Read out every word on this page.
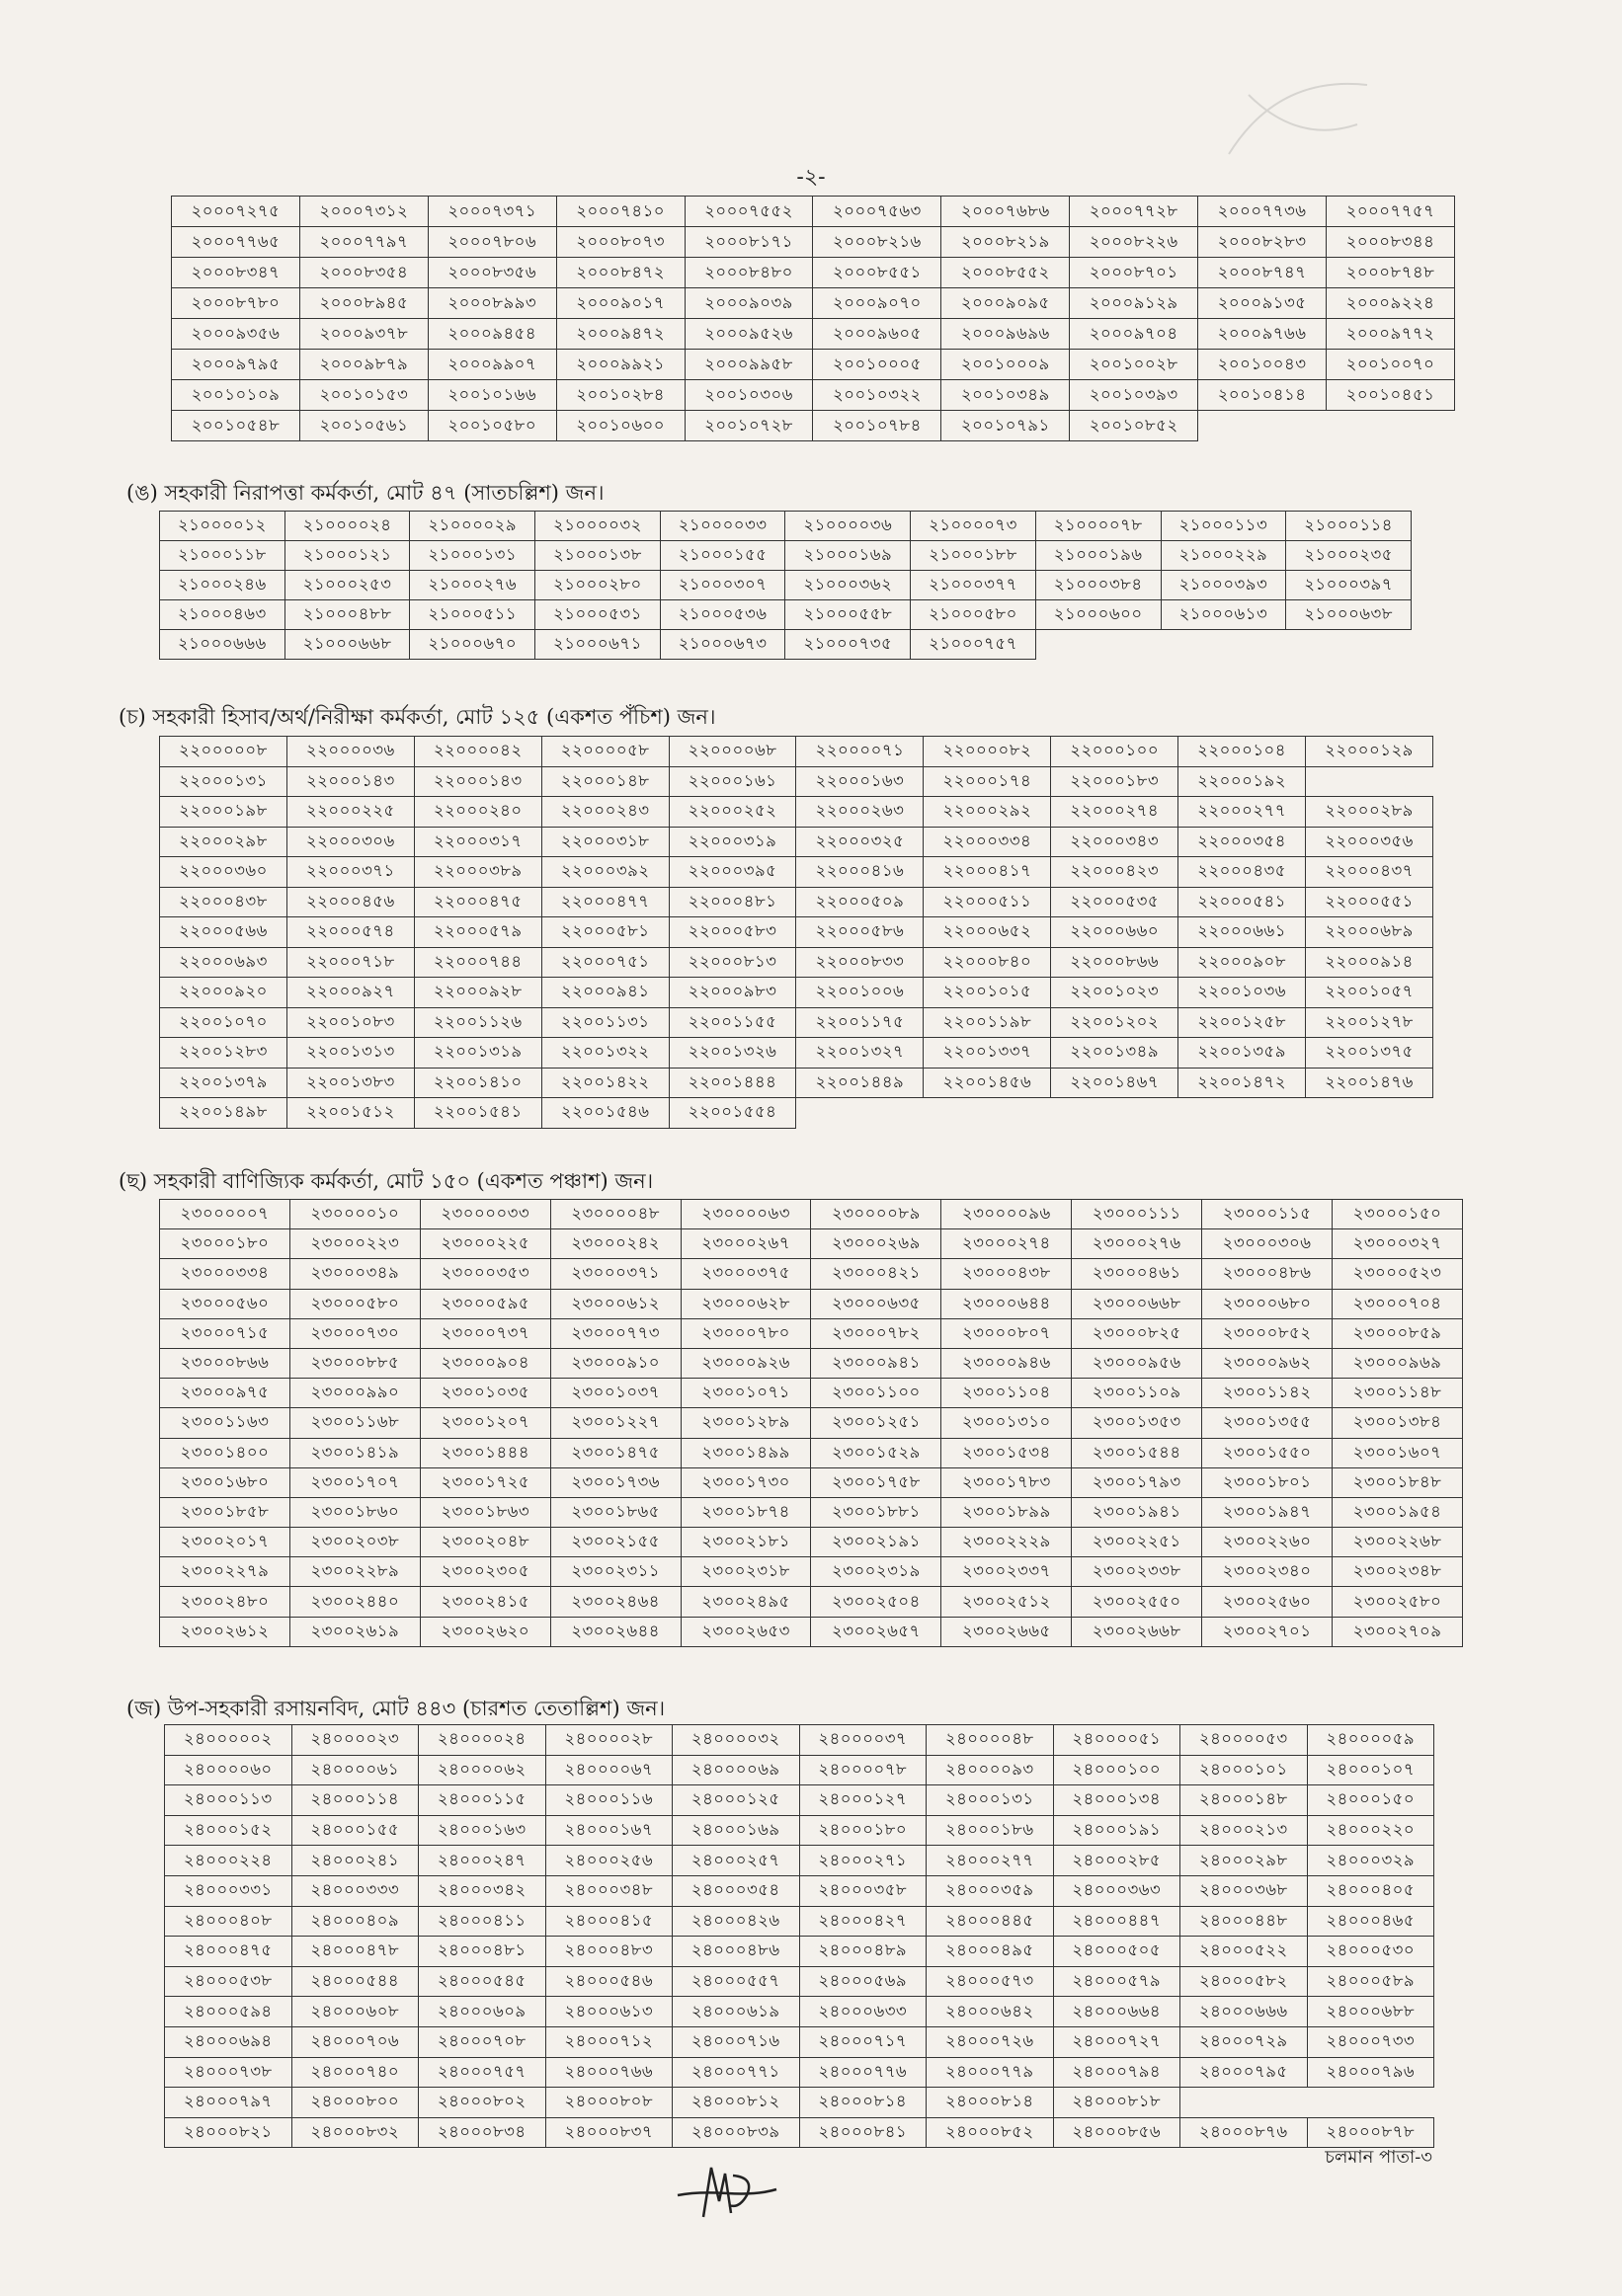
-২-
২০০০৭২৭৫	২০০০৭৩১২	২০০০৭৩৭১	২০০০৭৪১০	২০০০৭৫৫২	২০০০৭৫৬৩	২০০০৭৬৮৬	২০০০৭৭২৮	২০০০৭৭৩৬	২০০০৭৭৫৭
২০০০৭৭৬৫	২০০০৭৭৯৭	২০০০৭৮০৬	২০০০৮০৭৩	২০০০৮১৭১	২০০০৮২১৬	২০০০৮২১৯	২০০০৮২২৬	২০০০৮২৮৩	২০০০৮৩৪৪
২০০০৮৩৪৭	২০০০৮৩৫৪	২০০০৮৩৫৬	২০০০৮৪৭২	২০০০৮৪৮০	২০০০৮৫৫১	২০০০৮৫৫২	২০০০৮৭০১	২০০০৮৭৪৭	২০০০৮৭৪৮
২০০০৮৭৮০	২০০০৮৯৪৫	২০০০৮৯৯৩	২০০০৯০১৭	২০০০৯০৩৯	২০০০৯০৭০	২০০০৯০৯৫	২০০০৯১২৯	২০০০৯১৩৫	২০০০৯২২৪
২০০০৯৩৫৬	২০০০৯৩৭৮	২০০০৯৪৫৪	২০০০৯৪৭২	২০০০৯৫২৬	২০০০৯৬০৫	২০০০৯৬৯৬	২০০০৯৭০৪	২০০০৯৭৬৬	২০০০৯৭৭২
২০০০৯৭৯৫	২০০০৯৮৭৯	২০০০৯৯০৭	২০০০৯৯২১	২০০০৯৯৫৮	২০০১০০০৫	২০০১০০০৯	২০০১০০২৮	২০০১০০৪৩	২০০১০০৭০
২০০১০১০৯	২০০১০১৫৩	২০০১০১৬৬	২০০১০২৮৪	২০০১০৩০৬	২০০১০৩২২	২০০১০৩৪৯	২০০১০৩৯৩	২০০১০৪১৪	২০০১০৪৫১
২০০১০৫৪৮	২০০১০৫৬১	২০০১০৫৮০	২০০১০৬০০	২০০১০৭২৮	২০০১০৭৮৪	২০০১০৭৯১	২০০১০৮৫২		
(ঙ) সহকারী নিরাপত্তা কর্মকর্তা, মোট ৪৭ (সাতচল্লিশ) জন।
২১০০০০১২	২১০০০০২৪	২১০০০০২৯	২১০০০০৩২	২১০০০০৩৩	২১০০০০৩৬	২১০০০০৭৩	২১০০০০৭৮	২১০০০১১৩	২১০০০১১৪
২১০০০১১৮	২১০০০১২১	২১০০০১৩১	২১০০০১৩৮	২১০০০১৫৫	২১০০০১৬৯	২১০০০১৮৮	২১০০০১৯৬	২১০০০২২৯	২১০০০২৩৫
২১০০০২৪৬	২১০০০২৫৩	২১০০০২৭৬	২১০০০২৮০	২১০০০৩০৭	২১০০০৩৬২	২১০০০৩৭৭	২১০০০৩৮৪	২১০০০৩৯৩	২১০০০৩৯৭
২১০০০৪৬৩	২১০০০৪৮৮	২১০০০৫১১	২১০০০৫৩১	২১০০০৫৩৬	২১০০০৫৫৮	২১০০০৫৮০	২১০০০৬০০	২১০০০৬১৩	২১০০০৬৩৮
২১০০০৬৬৬	২১০০০৬৬৮	২১০০০৬৭০	২১০০০৬৭১	২১০০০৬৭৩	২১০০০৭৩৫	২১০০০৭৫৭			
(চ) সহকারী হিসাব/অর্থ/নিরীক্ষা কর্মকর্তা, মোট ১২৫ (একশত পঁচিশ) জন।
২২০০০০০৮	২২০০০০৩৬	২২০০০০৪২	২২০০০০৫৮	২২০০০০৬৮	২২০০০০৭১	২২০০০০৮২	২২০০০১০০	২২০০০১০৪	২২০০০১২৯
২২০০০১৩১	২২০০০১৪৩	২২০০০১৪৩	২২০০০১৪৮	২২০০০১৬১	২২০০০১৬৩	২২০০০১৭৪	২২০০০১৮৩	২২০০০১৯২	
২২০০০১৯৮	২২০০০২২৫	২২০০০২৪০	২২০০০২৪৩	২২০০০২৫২	২২০০০২৬৩	২২০০০২৯২	২২০০০২৭৪	২২০০০২৭৭	২২০০০২৮৯
২২০০০২৯৮	২২০০০৩০৬	২২০০০৩১৭	২২০০০৩১৮	২২০০০৩১৯	২২০০০৩২৫	২২০০০৩৩৪	২২০০০৩৪৩	২২০০০৩৫৪	২২০০০৩৫৬
২২০০০৩৬০	২২০০০৩৭১	২২০০০৩৮৯	২২০০০৩৯২	২২০০০৩৯৫	২২০০০৪১৬	২২০০০৪১৭	২২০০০৪২৩	২২০০০৪৩৫	২২০০০৪৩৭
২২০০০৪৩৮	২২০০০৪৫৬	২২০০০৪৭৫	২২০০০৪৭৭	২২০০০৪৮১	২২০০০৫০৯	২২০০০৫১১	২২০০০৫৩৫	২২০০০৫৪১	২২০০০৫৫১
২২০০০৫৬৬	২২০০০৫৭৪	২২০০০৫৭৯	২২০০০৫৮১	২২০০০৫৮৩	২২০০০৫৮৬	২২০০০৬৫২	২২০০০৬৬০	২২০০০৬৬১	২২০০০৬৮৯
২২০০০৬৯৩	২২০০০৭১৮	২২০০০৭৪৪	২২০০০৭৫১	২২০০০৮১৩	২২০০০৮৩৩	২২০০০৮৪০	২২০০০৮৬৬	২২০০০৯০৮	২২০০০৯১৪
২২০০০৯২০	২২০০০৯২৭	২২০০০৯২৮	২২০০০৯৪১	২২০০০৯৮৩	২২০০১০০৬	২২০০১০১৫	২২০০১০২৩	২২০০১০৩৬	২২০০১০৫৭
২২০০১০৭০	২২০০১০৮৩	২২০০১১২৬	২২০০১১৩১	২২০০১১৫৫	২২০০১১৭৫	২২০০১১৯৮	২২০০১২০২	২২০০১২৫৮	২২০০১২৭৮
২২০০১২৮৩	২২০০১৩১৩	২২০০১৩১৯	২২০০১৩২২	২২০০১৩২৬	২২০০১৩২৭	২২০০১৩৩৭	২২০০১৩৪৯	২২০০১৩৫৯	২২০০১৩৭৫
২২০০১৩৭৯	২২০০১৩৮৩	২২০০১৪১০	২২০০১৪২২	২২০০১৪৪৪	২২০০১৪৪৯	২২০০১৪৫৬	২২০০১৪৬৭	২২০০১৪৭২	২২০০১৪৭৬
২২০০১৪৯৮	২২০০১৫১২	২২০০১৫৪১	২২০০১৫৪৬	২২০০১৫৫৪					
(ছ) সহকারী বাণিজ্যিক কর্মকর্তা, মোট ১৫০ (একশত পঞ্চাশ) জন।
২৩০০০০০৭	২৩০০০০১০	২৩০০০০৩৩	২৩০০০০৪৮	২৩০০০০৬৩	২৩০০০০৮৯	২৩০০০০৯৬	২৩০০০১১১	২৩০০০১১৫	২৩০০০১৫০
২৩০০০১৮০	২৩০০০২২৩	২৩০০০২২৫	২৩০০০২৪২	২৩০০০২৬৭	২৩০০০২৬৯	২৩০০০২৭৪	২৩০০০২৭৬	২৩০০০৩০৬	২৩০০০৩২৭
২৩০০০৩৩৪	২৩০০০৩৪৯	২৩০০০৩৫৩	২৩০০০৩৭১	২৩০০০৩৭৫	২৩০০০৪২১	২৩০০০৪৩৮	২৩০০০৪৬১	২৩০০০৪৮৬	২৩০০০৫২৩
২৩০০০৫৬০	২৩০০০৫৮০	২৩০০০৫৯৫	২৩০০০৬১২	২৩০০০৬২৮	২৩০০০৬৩৫	২৩০০০৬৪৪	২৩০০০৬৬৮	২৩০০০৬৮০	২৩০০০৭০৪
২৩০০০৭১৫	২৩০০০৭৩০	২৩০০০৭৩৭	২৩০০০৭৭৩	২৩০০০৭৮০	২৩০০০৭৮২	২৩০০০৮০৭	২৩০০০৮২৫	২৩০০০৮৫২	২৩০০০৮৫৯
২৩০০০৮৬৬	২৩০০০৮৮৫	২৩০০০৯০৪	২৩০০০৯১০	২৩০০০৯২৬	২৩০০০৯৪১	২৩০০০৯৪৬	২৩০০০৯৫৬	২৩০০০৯৬২	২৩০০০৯৬৯
২৩০০০৯৭৫	২৩০০০৯৯০	২৩০০১০৩৫	২৩০০১০৩৭	২৩০০১০৭১	২৩০০১১০০	২৩০০১১০৪	২৩০০১১০৯	২৩০০১১৪২	২৩০০১১৪৮
২৩০০১১৬৩	২৩০০১১৬৮	২৩০০১২০৭	২৩০০১২২৭	২৩০০১২৮৯	২৩০০১২৫১	২৩০০১৩১০	২৩০০১৩৫৩	২৩০০১৩৫৫	২৩০০১৩৮৪
২৩০০১৪০০	২৩০০১৪১৯	২৩০০১৪৪৪	২৩০০১৪৭৫	২৩০০১৪৯৯	২৩০০১৫২৯	২৩০০১৫৩৪	২৩০০১৫৪৪	২৩০০১৫৫০	২৩০০১৬০৭
২৩০০১৬৮০	২৩০০১৭০৭	২৩০০১৭২৫	২৩০০১৭৩৬	২৩০০১৭৩০	২৩০০১৭৫৮	২৩০০১৭৮৩	২৩০০১৭৯৩	২৩০০১৮০১	২৩০০১৮৪৮
২৩০০১৮৫৮	২৩০০১৮৬০	২৩০০১৮৬৩	২৩০০১৮৬৫	২৩০০১৮৭৪	২৩০০১৮৮১	২৩০০১৮৯৯	২৩০০১৯৪১	২৩০০১৯৪৭	২৩০০১৯৫৪
২৩০০২০১৭	২৩০০২০৩৮	২৩০০২০৪৮	২৩০০২১৫৫	২৩০০২১৮১	২৩০০২১৯১	২৩০০২২২৯	২৩০০২২৫১	২৩০০২২৬০	২৩০০২২৬৮
২৩০০২২৭৯	২৩০০২২৮৯	২৩০০২৩০৫	২৩০০২৩১১	২৩০০২৩১৮	২৩০০২৩১৯	২৩০০২৩৩৭	২৩০০২৩৩৮	২৩০০২৩৪০	২৩০০২৩৪৮
২৩০০২৪৮০	২৩০০২৪৪০	২৩০০২৪১৫	২৩০০২৪৬৪	২৩০০২৪৯৫	২৩০০২৫০৪	২৩০০২৫১২	২৩০০২৫৫০	২৩০০২৫৬০	২৩০০২৫৮০
২৩০০২৬১২	২৩০০২৬১৯	২৩০০২৬২০	২৩০০২৬৪৪	২৩০০২৬৫৩	২৩০০২৬৫৭	২৩০০২৬৬৫	২৩০০২৬৬৮	২৩০০২৭০১	২৩০০২৭০৯
(জ) উপ-সহকারী রসায়নবিদ, মোট ৪৪৩ (চারশত তেতাল্লিশ) জন।
২৪০০০০০২	২৪০০০০২৩	২৪০০০০২৪	২৪০০০০২৮	২৪০০০০৩২	২৪০০০০৩৭	২৪০০০০৪৮	২৪০০০০৫১	২৪০০০০৫৩	২৪০০০০৫৯
২৪০০০০৬০	২৪০০০০৬১	২৪০০০০৬২	২৪০০০০৬৭	২৪০০০০৬৯	২৪০০০০৭৮	২৪০০০০৯৩	২৪০০০১০০	২৪০০০১০১	২৪০০০১০৭
২৪০০০১১৩	২৪০০০১১৪	২৪০০০১১৫	২৪০০০১১৬	২৪০০০১২৫	২৪০০০১২৭	২৪০০০১৩১	২৪০০০১৩৪	২৪০০০১৪৮	২৪০০০১৫০
২৪০০০১৫২	২৪০০০১৫৫	২৪০০০১৬৩	২৪০০০১৬৭	২৪০০০১৬৯	২৪০০০১৮০	২৪০০০১৮৬	২৪০০০১৯১	২৪০০০২১৩	২৪০০০২২০
২৪০০০২২৪	২৪০০০২৪১	২৪০০০২৪৭	২৪০০০২৫৬	২৪০০০২৫৭	২৪০০০২৭১	২৪০০০২৭৭	২৪০০০২৮৫	২৪০০০২৯৮	২৪০০০৩২৯
২৪০০০৩৩১	২৪০০০৩৩৩	২৪০০০৩৪২	২৪০০০৩৪৮	২৪০০০৩৫৪	২৪০০০৩৫৮	২৪০০০৩৫৯	২৪০০০৩৬৩	২৪০০০৩৬৮	২৪০০০৪০৫
২৪০০০৪০৮	২৪০০০৪০৯	২৪০০০৪১১	২৪০০০৪১৫	২৪০০০৪২৬	২৪০০০৪২৭	২৪০০০৪৪৫	২৪০০০৪৪৭	২৪০০০৪৪৮	২৪০০০৪৬৫
২৪০০০৪৭৫	২৪০০০৪৭৮	২৪০০০৪৮১	২৪০০০৪৮৩	২৪০০০৪৮৬	২৪০০০৪৮৯	২৪০০০৪৯৫	২৪০০০৫০৫	২৪০০০৫২২	২৪০০০৫৩০
২৪০০০৫৩৮	২৪০০০৫৪৪	২৪০০০৫৪৫	২৪০০০৫৪৬	২৪০০০৫৫৭	২৪০০০৫৬৯	২৪০০০৫৭৩	২৪০০০৫৭৯	২৪০০০৫৮২	২৪০০০৫৮৯
২৪০০০৫৯৪	২৪০০০৬০৮	২৪০০০৬০৯	২৪০০০৬১৩	২৪০০০৬১৯	২৪০০০৬৩৩	২৪০০০৬৪২	২৪০০০৬৬৪	২৪০০০৬৬৬	২৪০০০৬৮৮
২৪০০০৬৯৪	২৪০০০৭০৬	২৪০০০৭০৮	২৪০০০৭১২	২৪০০০৭১৬	২৪০০০৭১৭	২৪০০০৭২৬	২৪০০০৭২৭	২৪০০০৭২৯	২৪০০০৭৩৩
২৪০০০৭৩৮	২৪০০০৭৪০	২৪০০০৭৫৭	২৪০০০৭৬৬	২৪০০০৭৭১	২৪০০০৭৭৬	২৪০০০৭৭৯	২৪০০০৭৯৪	২৪০০০৭৯৫	২৪০০০৭৯৬
২৪০০০৭৯৭	২৪০০০৮০০	২৪০০০৮০২	২৪০০০৮০৮	২৪০০০৮১২	২৪০০০৮১৪	২৪০০০৮১৪	২৪০০০৮১৮		
২৪০০০৮২১	২৪০০০৮৩২	২৪০০০৮৩৪	২৪০০০৮৩৭	২৪০০০৮৩৯	২৪০০০৮৪১	২৪০০০৮৫২	২৪০০০৮৫৬	২৪০০০৮৭৬	২৪০০০৮৭৮
চলমান পাতা-৩
